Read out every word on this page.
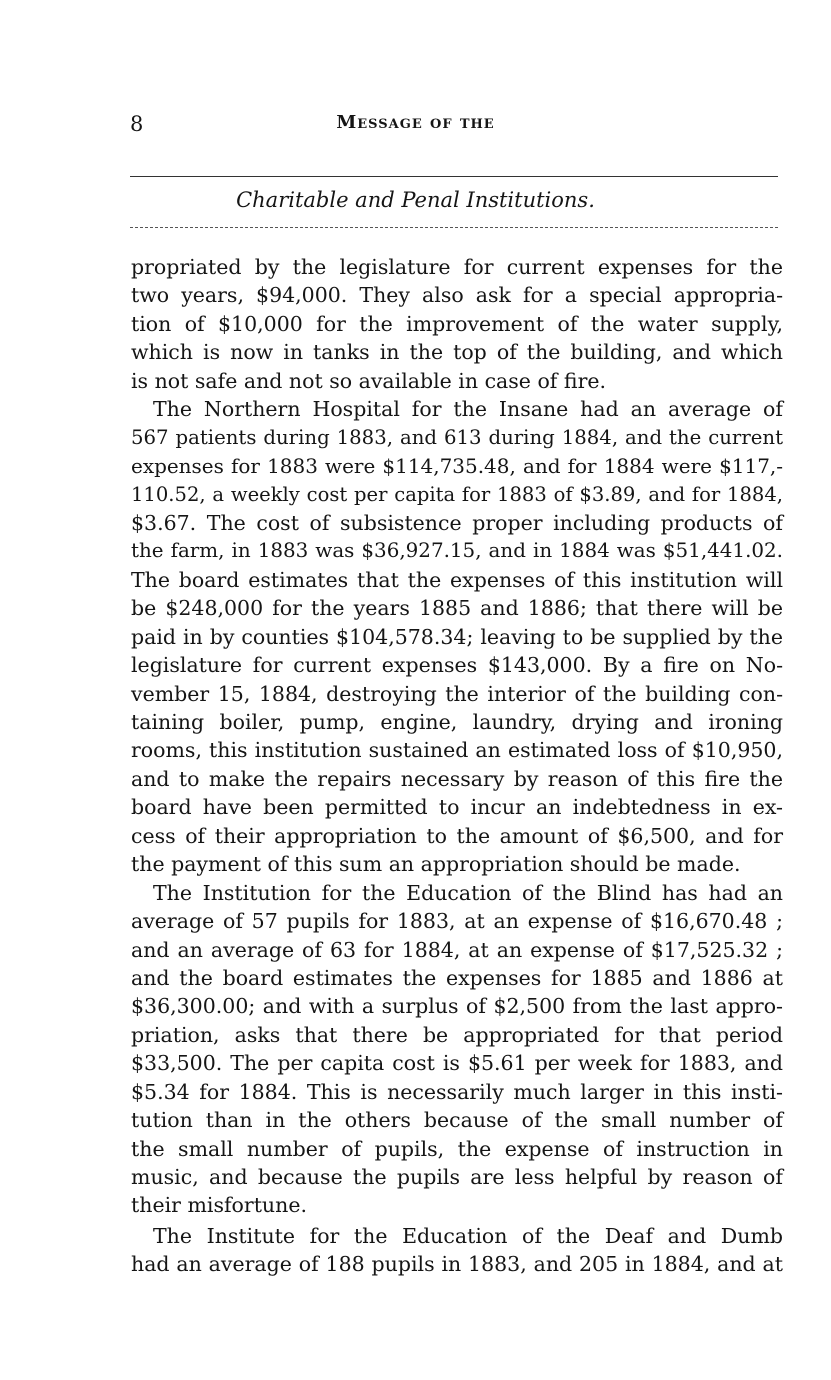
8	Message of the
Charitable and Penal Institutions.
propriated by the legislature for current expenses for the
two years, $94,000. They also ask for a special appropria-
tion of $10,000 for the improvement of the water supply,
which is now in tanks in the top of the building, and which
is not safe and not so available in case of fire.
The Northern Hospital for the Insane had an average of
567 patients during 1883, and 613 during 1884, and the current
expenses for 1883 were $114,735.48, and for 1884 were $117,-
110.52, a weekly cost per capita for 1883 of $3.89, and for 1884,
$3.67. The cost of subsistence proper including products of
the farm, in 1883 was $36,927.15, and in 1884 was $51,441.02.
The board estimates that the expenses of this institution will
be $248,000 for the years 1885 and 1886; that there will be
paid in by counties $104,578.34; leaving to be supplied by the
legislature for current expenses $143,000. By a fire on No-
vember 15, 1884, destroying the interior of the building con-
taining boiler, pump, engine, laundry, drying and ironing
rooms, this institution sustained an estimated loss of $10,950,
and to make the repairs necessary by reason of this fire the
board have been permitted to incur an indebtedness in ex-
cess of their appropriation to the amount of $6,500, and for
the payment of this sum an appropriation should be made.
The Institution for the Education of the Blind has had an
average of 57 pupils for 1883, at an expense of $16,670.48 ;
and an average of 63 for 1884, at an expense of $17,525.32 ;
and the board estimates the expenses for 1885 and 1886 at
$36,300.00; and with a surplus of $2,500 from the last appro-
priation, asks that there be appropriated for that period
$33,500. The per capita cost is $5.61 per week for 1883, and
$5.34 for 1884. This is necessarily much larger in this insti-
tution than in the others because of the small number of
the small number of pupils, the expense of instruction in
music, and because the pupils are less helpful by reason of
their misfortune.
The Institute for the Education of the Deaf and Dumb
had an average of 188 pupils in 1883, and 205 in 1884, and at
